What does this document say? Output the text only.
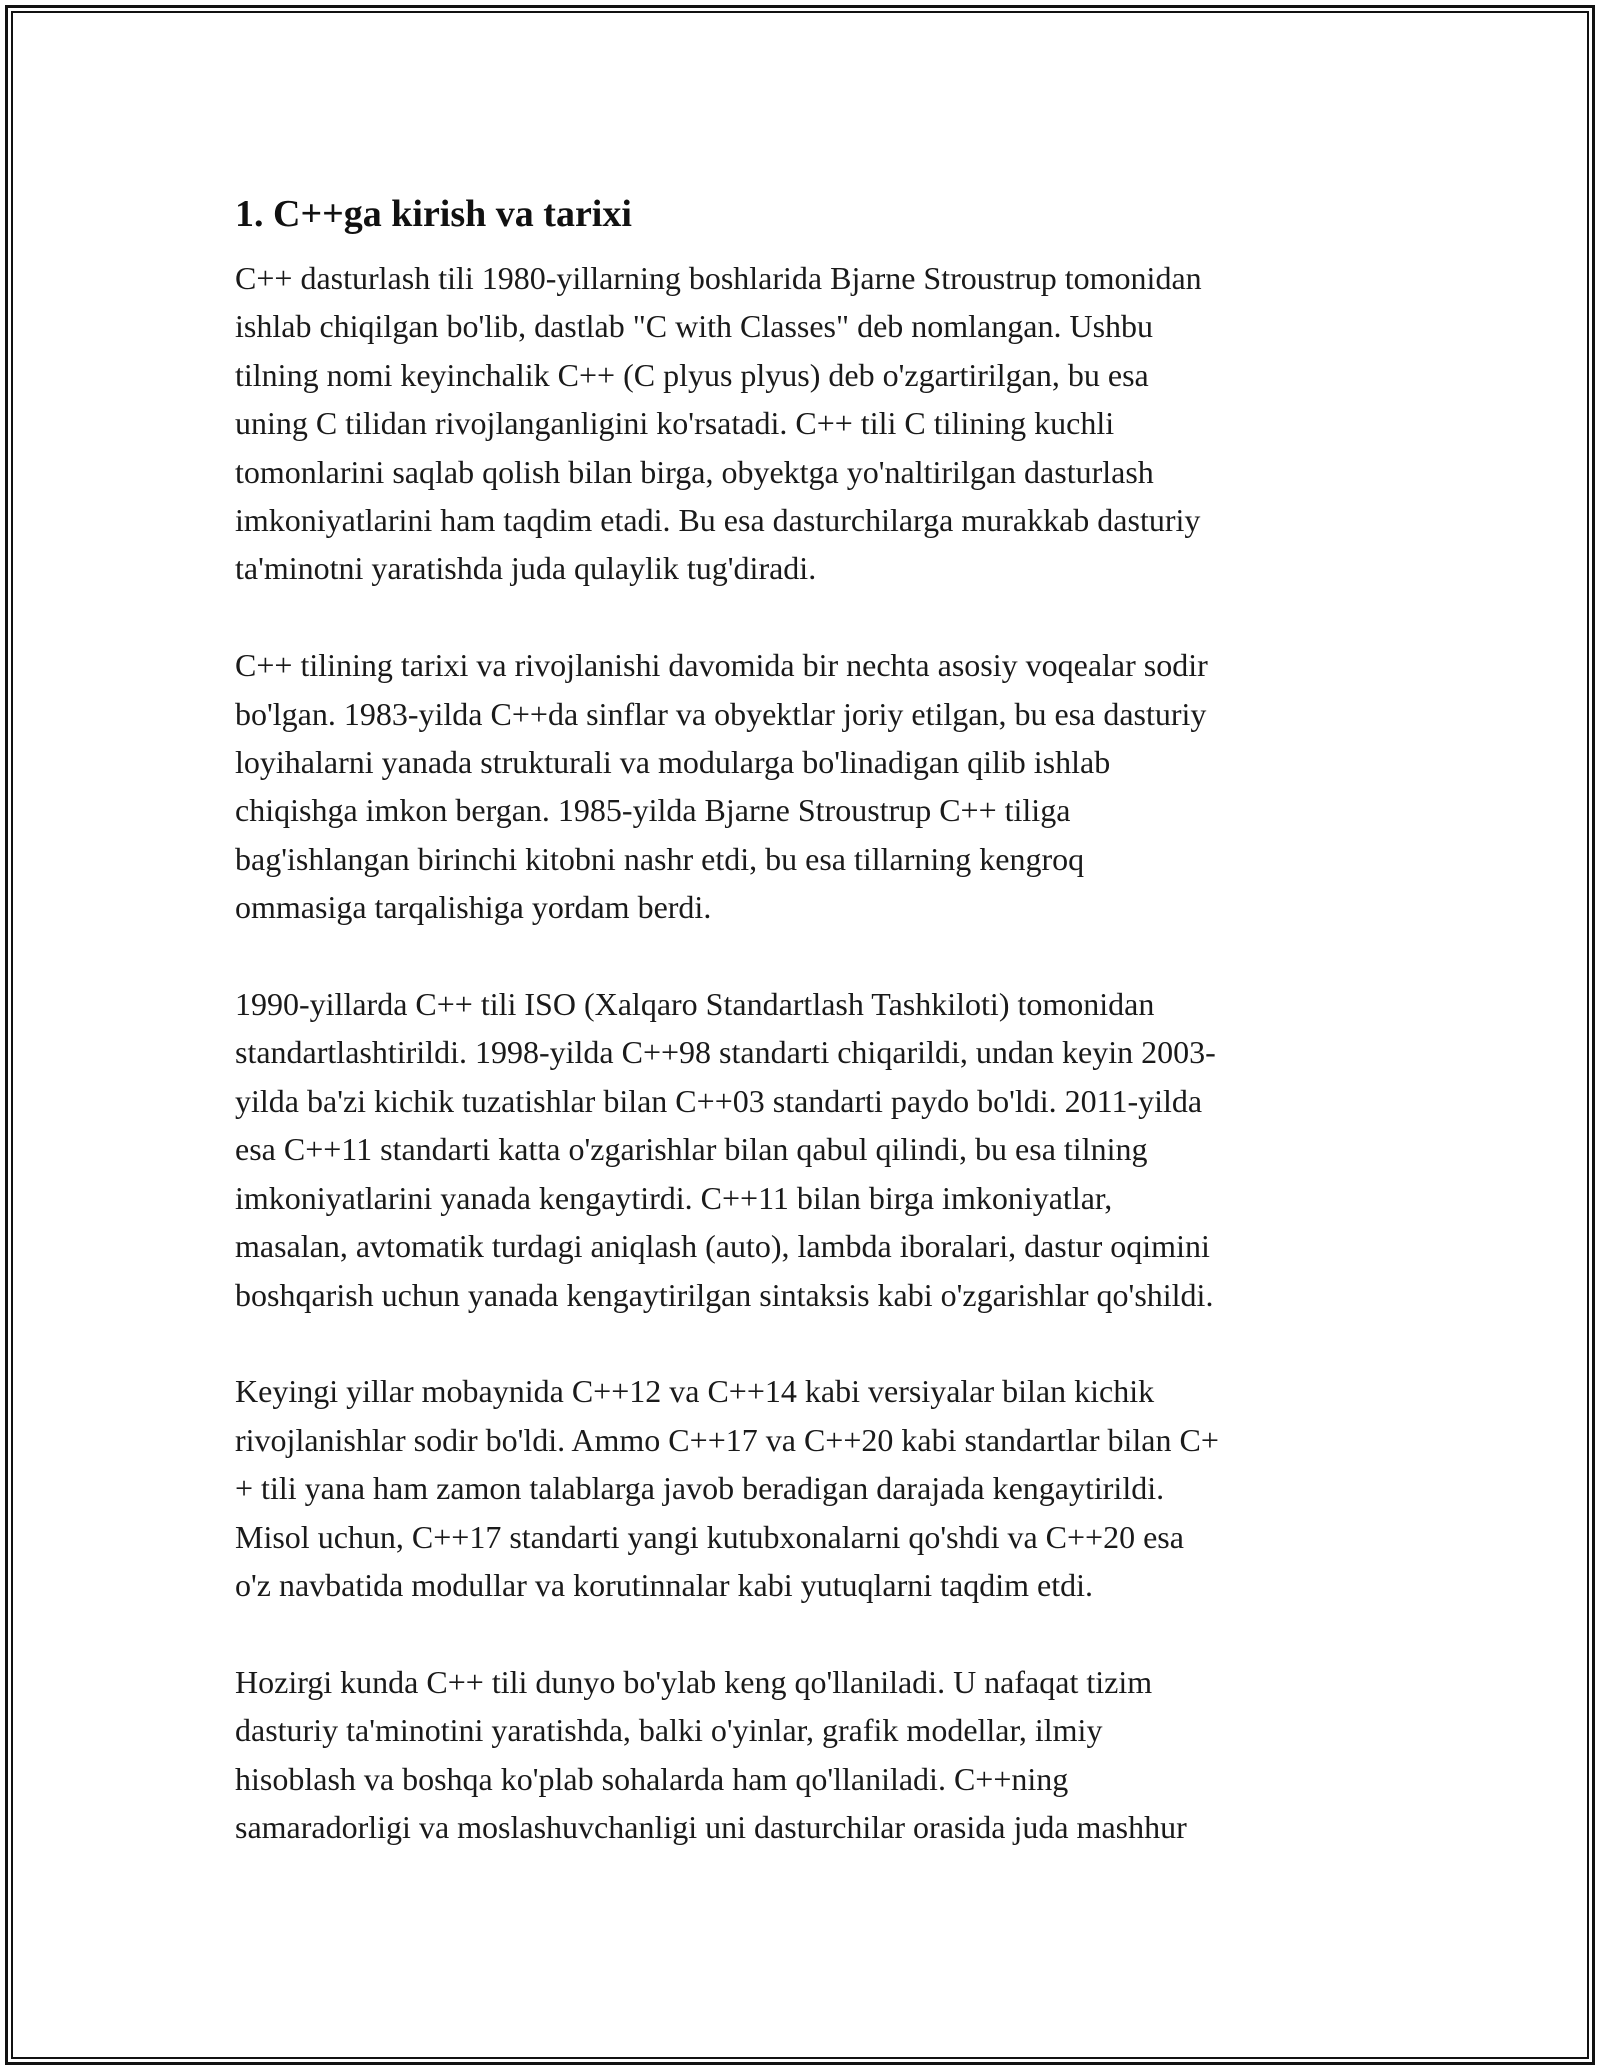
1. C++ga kirish va tarixi

C++ dasturlash tili 1980-yillarning boshlarida Bjarne Stroustrup tomonidan
ishlab chiqilgan bo'lib, dastlab "C with Classes" deb nomlangan. Ushbu
tilning nomi keyinchalik C++ (C plyus plyus) deb o'zgartirilgan, bu esa
uning C tilidan rivojlanganligini ko'rsatadi. C++ tili C tilining kuchli
tomonlarini saqlab qolish bilan birga, obyektga yo'naltirilgan dasturlash
imkoniyatlarini ham taqdim etadi. Bu esa dasturchilarga murakkab dasturiy
ta'minotni yaratishda juda qulaylik tug'diradi.

C++ tilining tarixi va rivojlanishi davomida bir nechta asosiy voqealar sodir
bo'lgan. 1983-yilda C++da sinflar va obyektlar joriy etilgan, bu esa dasturiy
loyihalarni yanada strukturali va modularga bo'linadigan qilib ishlab
chiqishga imkon bergan. 1985-yilda Bjarne Stroustrup C++ tiliga
bag'ishlangan birinchi kitobni nashr etdi, bu esa tillarning kengroq
ommasiga tarqalishiga yordam berdi.

1990-yillarda C++ tili ISO (Xalqaro Standartlash Tashkiloti) tomonidan
standartlashtirildi. 1998-yilda C++98 standarti chiqarildi, undan keyin 2003-
yilda ba'zi kichik tuzatishlar bilan C++03 standarti paydo bo'ldi. 2011-yilda
esa C++11 standarti katta o'zgarishlar bilan qabul qilindi, bu esa tilning
imkoniyatlarini yanada kengaytirdi. C++11 bilan birga imkoniyatlar,
masalan, avtomatik turdagi aniqlash (auto), lambda iboralari, dastur oqimini
boshqarish uchun yanada kengaytirilgan sintaksis kabi o'zgarishlar qo'shildi.

Keyingi yillar mobaynida C++12 va C++14 kabi versiyalar bilan kichik
rivojlanishlar sodir bo'ldi. Ammo C++17 va C++20 kabi standartlar bilan C+
+ tili yana ham zamon talablarga javob beradigan darajada kengaytirildi.
Misol uchun, C++17 standarti yangi kutubxonalarni qo'shdi va C++20 esa
o'z navbatida modullar va korutinnalar kabi yutuqlarni taqdim etdi.

Hozirgi kunda C++ tili dunyo bo'ylab keng qo'llaniladi. U nafaqat tizim
dasturiy ta'minotini yaratishda, balki o'yinlar, grafik modellar, ilmiy
hisoblash va boshqa ko'plab sohalarda ham qo'llaniladi. C++ning
samaradorligi va moslashuvchanligi uni dasturchilar orasida juda mashhur
